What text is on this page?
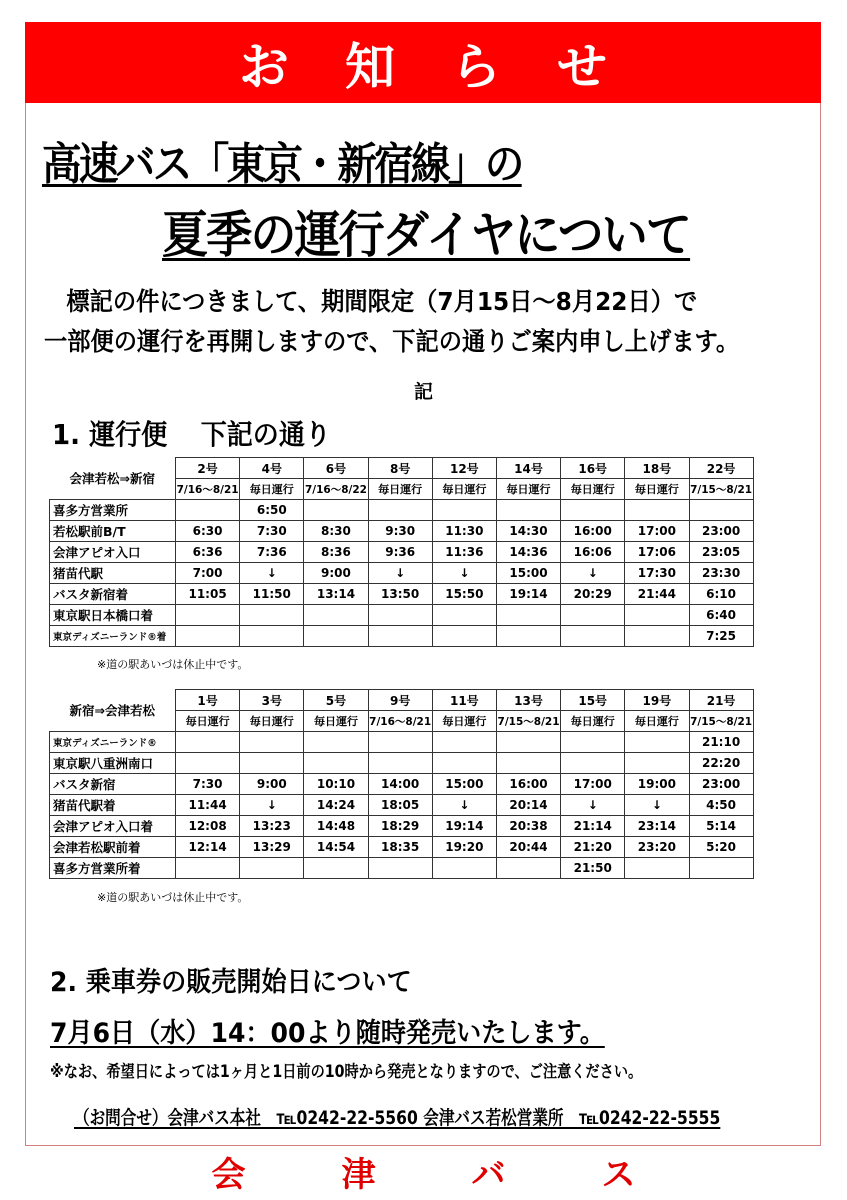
お 知 ら せ
高速バス「東京・新宿線」の
夏季の運行ダイヤについて
標記の件につきまして、期間限定（7月15日～8月22日）で
一部便の運行を再開しますので、下記の通りご案内申し上げます。
記
1. 運行便 下記の通り
会津若松⇒新宿	2号	4号	6号	8号	12号	14号	16号	18号	22号
	7/16～8/21	毎日運行	7/16～8/22	毎日運行	毎日運行	毎日運行	毎日運行	毎日運行	7/15～8/21
喜多方営業所		6:50							
若松駅前B/T	6:30	7:30	8:30	9:30	11:30	14:30	16:00	17:00	23:00
会津アピオ入口	6:36	7:36	8:36	9:36	11:36	14:36	16:06	17:06	23:05
猪苗代駅	7:00	↓	9:00	↓	↓	15:00	↓	17:30	23:30
バスタ新宿着	11:05	11:50	13:14	13:50	15:50	19:14	20:29	21:44	6:10
東京駅日本橋口着									6:40
東京ディズニーランド®着									7:25
※道の駅あいづは休止中です。
新宿⇒会津若松	1号	3号	5号	9号	11号	13号	15号	19号	21号
	毎日運行	毎日運行	毎日運行	7/16～8/21	毎日運行	7/15～8/21	毎日運行	毎日運行	7/15～8/21
東京ディズニーランド®									21:10
東京駅八重洲南口									22:20
バスタ新宿	7:30	9:00	10:10	14:00	15:00	16:00	17:00	19:00	23:00
猪苗代駅着	11:44	↓	14:24	18:05	↓	20:14	↓	↓	4:50
会津アピオ入口着	12:08	13:23	14:48	18:29	19:14	20:38	21:14	23:14	5:14
会津若松駅前着	12:14	13:29	14:54	18:35	19:20	20:44	21:20	23:20	5:20
喜多方営業所着							21:50		
※道の駅あいづは休止中です。
2. 乗車券の販売開始日について
7月6日（水）14：00より随時発売いたします。
※なお、希望日によっては1ヶ月と1日前の10時から発売となりますので、ご注意ください。
（お問合せ）会津バス本社　℡0242-22-5560 会津バス若松営業所　℡0242-22-5555
会	津	バ	ス
